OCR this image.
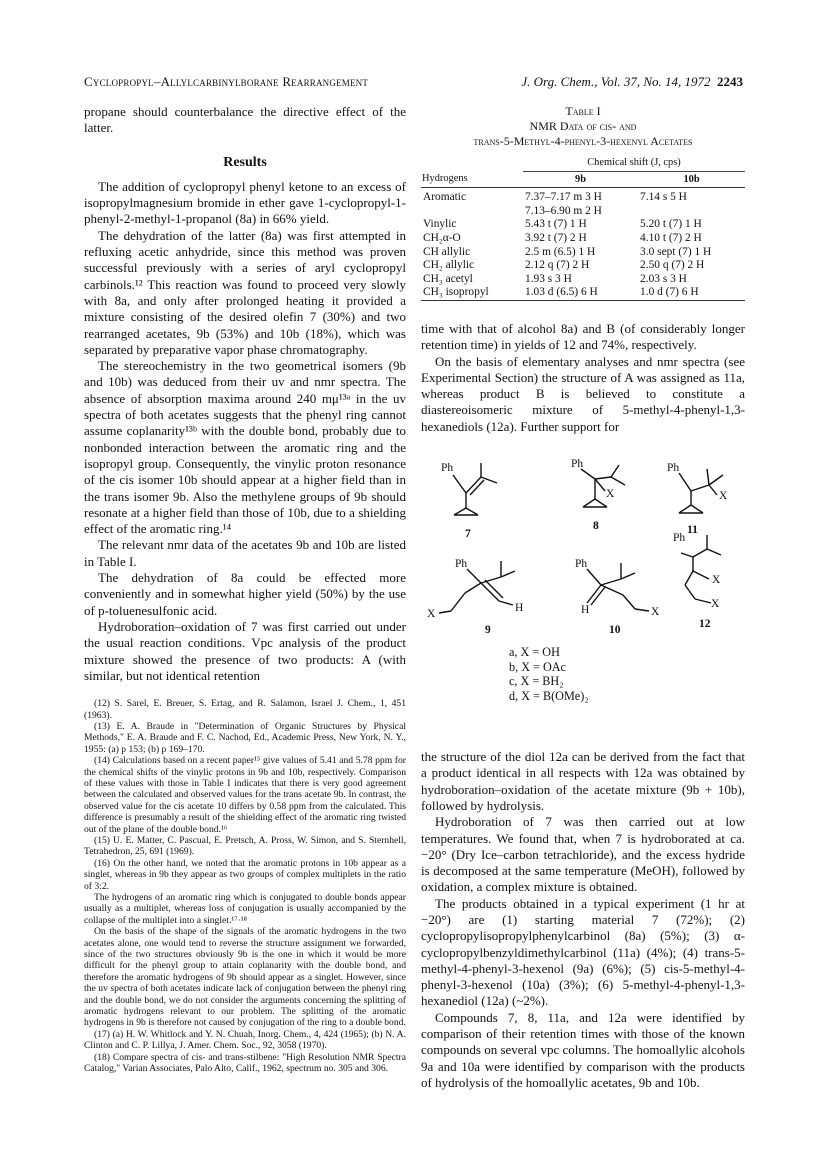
Cyclopropyl–Allylcarbinylborane Rearrangement	J. Org. Chem., Vol. 37, No. 14, 1972 2243

propane should counterbalance the directive effect of the latter.

Results

The addition of cyclopropyl phenyl ketone to an excess of isopropylmagnesium bromide in ether gave 1-cyclopropyl-1-phenyl-2-methyl-1-propanol (8a) in 66% yield.

The dehydration of the latter (8a) was first attempted in refluxing acetic anhydride, since this method was proven successful previously with a series of aryl cyclopropyl carbinols.¹² This reaction was found to proceed very slowly with 8a, and only after prolonged heating it provided a mixture consisting of the desired olefin 7 (30%) and two rearranged acetates, 9b (53%) and 10b (18%), which was separated by preparative vapor phase chromatography.

The stereochemistry in the two geometrical isomers (9b and 10b) was deduced from their uv and nmr spectra. The absence of absorption maxima around 240 mμ¹³ᵃ in the uv spectra of both acetates suggests that the phenyl ring cannot assume coplanarity¹³ᵇ with the double bond, probably due to nonbonded interaction between the aromatic ring and the isopropyl group. Consequently, the vinylic proton resonance of the cis isomer 10b should appear at a higher field than in the trans isomer 9b. Also the methylene groups of 9b should resonate at a higher field than those of 10b, due to a shielding effect of the aromatic ring.¹⁴

The relevant nmr data of the acetates 9b and 10b are listed in Table I.

The dehydration of 8a could be effected more conveniently and in somewhat higher yield (50%) by the use of p-toluenesulfonic acid.

Hydroboration–oxidation of 7 was first carried out under the usual reaction conditions. Vpc analysis of the product mixture showed the presence of two products: A (with similar, but not identical retention

(12) S. Sarel, E. Breuer, S. Ertag, and R. Salamon, Israel J. Chem., 1, 451 (1963).

(13) E. A. Braude in "Determination of Organic Structures by Physical Methods," E. A. Braude and F. C. Nachod, Ed., Academic Press, New York, N. Y., 1955: (a) p 153; (b) p 169–170.

(14) Calculations based on a recent paper¹⁵ give values of 5.41 and 5.78 ppm for the chemical shifts of the vinylic protons in 9b and 10b, respectively. Comparison of these values with those in Table I indicates that there is very good agreement between the calculated and observed values for the trans acetate 9b. In contrast, the observed value for the cis acetate 10 differs by 0.58 ppm from the calculated. This difference is presumably a result of the shielding effect of the aromatic ring twisted out of the plane of the double bond.¹⁶

(15) U. E. Matter, C. Pascual, E. Pretsch, A. Pross, W. Simon, and S. Sternhell, Tetrahedron, 25, 691 (1969).

(16) On the other hand, we noted that the aromatic protons in 10b appear as a singlet, whereas in 9b they appear as two groups of complex multiplets in the ratio of 3:2.

The hydrogens of an aromatic ring which is conjugated to double bonds appear usually as a multiplet, whereas loss of conjugation is usually accompanied by the collapse of the multiplet into a singlet.¹⁷·¹⁸

On the basis of the shape of the signals of the aromatic hydrogens in the two acetates alone, one would tend to reverse the structure assignment we forwarded, since of the two structures obviously 9b is the one in which it would be more difficult for the phenyl group to attain coplanarity with the double bond, and therefore the aromatic hydrogens of 9b should appear as a singlet. However, since the uv spectra of both acetates indicate lack of conjugation between the phenyl ring and the double bond, we do not consider the arguments concerning the splitting of aromatic hydrogens relevant to our problem. The splitting of the aromatic hydrogens in 9b is therefore not caused by conjugation of the ring to a double bond.

(17) (a) H. W. Whitlock and Y. N. Chuah, Inorg. Chem., 4, 424 (1965); (b) N. A. Clinton and C. P. Lillya, J. Amer. Chem. Soc., 92, 3058 (1970).

(18) Compare spectra of cis- and trans-stilbene: "High Resolution NMR Spectra Catalog," Varian Associates, Palo Alto, Calif., 1962, spectrum no. 305 and 306.

Table I
NMR Data of cis- and
trans-5-Methyl-4-phenyl-3-hexenyl Acetates
	Chemical shift (J, cps)	
Hydrogens	9b	10b

Aromatic	7.37–7.17 m 3 H	7.14 s 5 H
	7.13–6.90 m 2 H	
Vinylic	5.43 t (7) 1 H	5.20 t (7) 1 H
CH₂α-O	3.92 t (7) 2 H	4.10 t (7) 2 H
CH allylic	2.5 m (6.5) 1 H	3.0 sept (7) 1 H
CH₂ allylic	2.12 q (7) 2 H	2.50 q (7) 2 H
CH₃ acetyl	1.93 s 3 H	2.03 s 3 H
CH₃ isopropyl	1.03 d (6.5) 6 H	1.0 d (7) 6 H

time with that of alcohol 8a) and B (of considerably longer retention time) in yields of 12 and 74%, respectively.

On the basis of elementary analyses and nmr spectra (see Experimental Section) the structure of A was assigned as 11a, whereas product B is believed to constitute a diastereoisomeric mixture of 5-methyl-4-phenyl-1,3-hexanediols (12a). Further support for

Ph	Ph
X
Ph
X
Ph
X
X
Ph
H
X
Ph
H	X
7
8	11
9	10	12
a, X = OH
b, X = OAc
c, X = BH₂
d, X = B(OMe)₂

the structure of the diol 12a can be derived from the fact that a product identical in all respects with 12a was obtained by hydroboration–oxidation of the acetate mixture (9b + 10b), followed by hydrolysis.

Hydroboration of 7 was then carried out at low temperatures. We found that, when 7 is hydroborated at ca. −20° (Dry Ice–carbon tetrachloride), and the excess hydride is decomposed at the same temperature (MeOH), followed by oxidation, a complex mixture is obtained.

The products obtained in a typical experiment (1 hr at −20°) are (1) starting material 7 (72%); (2) cyclopropylisopropylphenylcarbinol (8a) (5%); (3) α-cyclopropylbenzyldimethylcarbinol (11a) (4%); (4) trans-5-methyl-4-phenyl-3-hexenol (9a) (6%); (5) cis-5-methyl-4-phenyl-3-hexenol (10a) (3%); (6) 5-methyl-4-phenyl-1,3-hexanediol (12a) (~2%).

Compounds 7, 8, 11a, and 12a were identified by comparison of their retention times with those of the known compounds on several vpc columns. The homoallylic alcohols 9a and 10a were identified by comparison with the products of hydrolysis of the homoallylic acetates, 9b and 10b.
